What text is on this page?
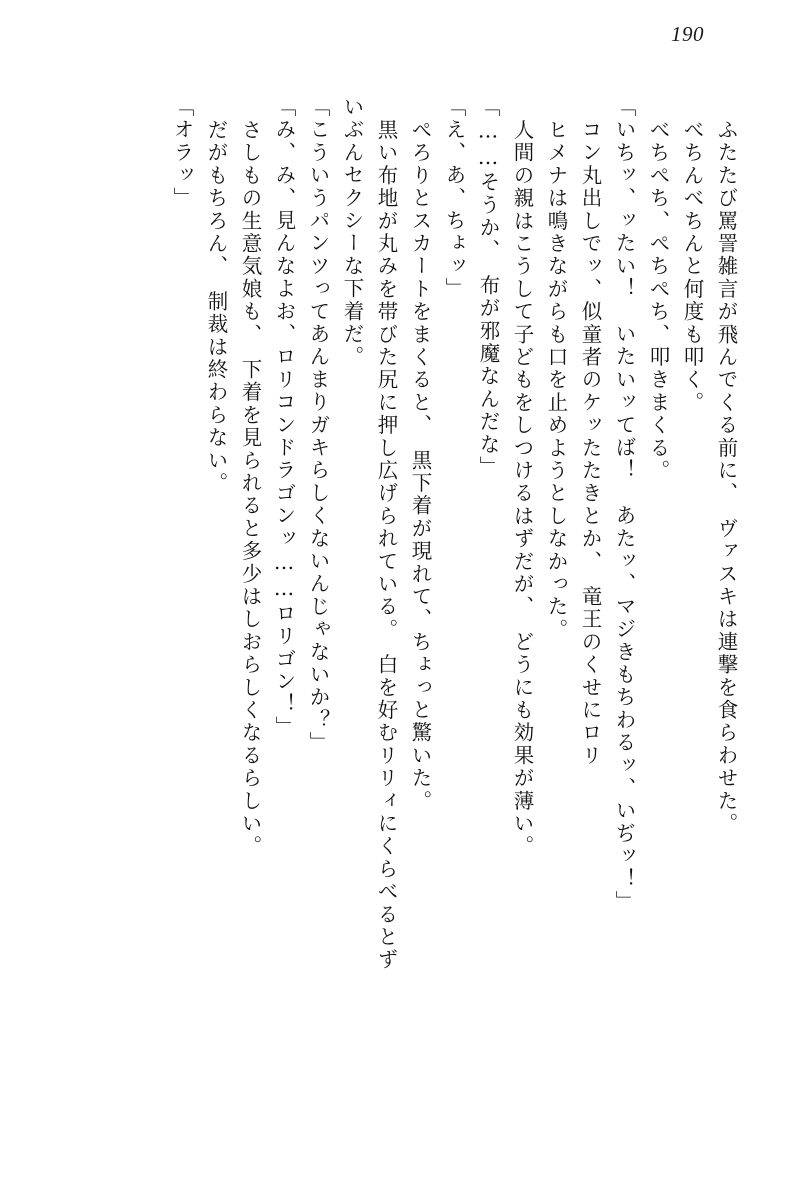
190
ふたたび罵詈雑言が飛んでくる前に、　ヴァスキは連撃を食らわせた。
べちんべちんと何度も叩く。
べちぺち、ぺちぺち、叩きまくる。
「いちッ、ッたい！　いたいッてば！　あたッ、マジきもちわるッ、いぢッ！」
コン丸出しでッ、似童者のケッたたきとか、　竜王のくせにロリ
ヒメナは鳴きながらも口を止めようとしなかった。
人間の親はこうして子どもをしつけるはずだが、　どうにも効果が薄い。
「……そうか、　布が邪魔なんだな」
「え、あ、ちょッ」
ぺろりとスカートをまくると、　黒下着が現れて、ちょっと驚いた。
黒い布地が丸みを帯びた尻に押し広げられている。　白を好むリリィにくらべるとず
いぶんセクシーな下着だ。
「こういうパンツってあんまりガキらしくないんじゃないか？」
「み、み、見んなよお、ロリコンドラゴンッ……ロリゴン！」
さしもの生意気娘も、　下着を見られると多少はしおらしくなるらしい。
だがもちろん、　制裁は終わらない。
「オラッ」
